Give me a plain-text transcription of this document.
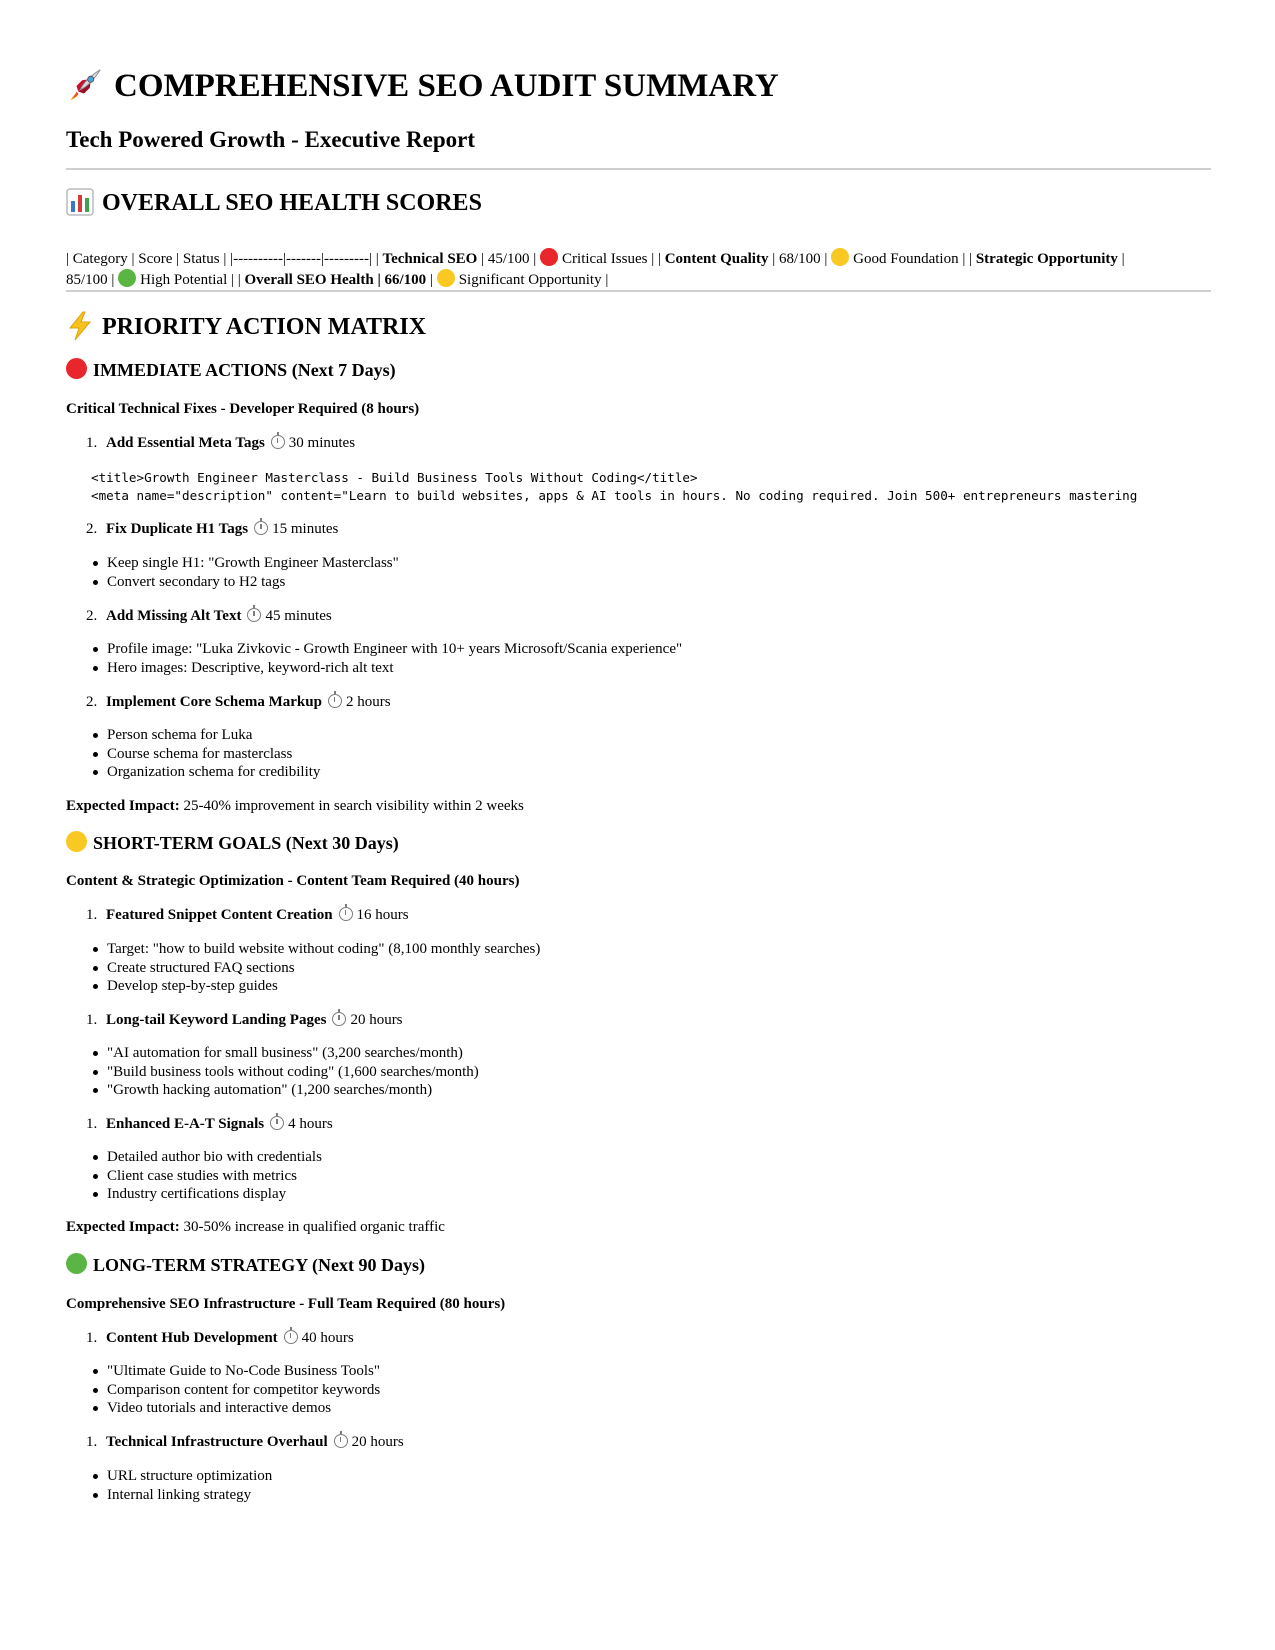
COMPREHENSIVE SEO AUDIT SUMMARY

Tech Powered Growth - Executive Report

OVERALL SEO HEALTH SCORES
| Category | Score | Status | |----------|-------|---------| | Technical SEO | 45/100 | Critical Issues | | Content Quality | 68/100 | Good Foundation | | Strategic Opportunity | 85/100 | High Potential | | Overall SEO Health | 66/100 | Significant Opportunity |
PRIORITY ACTION MATRIX
IMMEDIATE ACTIONS (Next 7 Days)
Critical Technical Fixes - Developer Required (8 hours)
1. Add Essential Meta Tags 30 minutes
<title>Growth Engineer Masterclass - Build Business Tools Without Coding</title>
<meta name="description" content="Learn to build websites, apps & AI tools in hours. No coding required. Join 500+ entrepreneurs mastering
2. Fix Duplicate H1 Tags 15 minutes
Keep single H1: "Growth Engineer Masterclass"
Convert secondary to H2 tags
2. Add Missing Alt Text 45 minutes
Profile image: "Luka Zivkovic - Growth Engineer with 10+ years Microsoft/Scania experience"
Hero images: Descriptive, keyword-rich alt text
2. Implement Core Schema Markup 2 hours
Person schema for Luka
Course schema for masterclass
Organization schema for credibility

Expected Impact: 25-40% improvement in search visibility within 2 weeks

SHORT-TERM GOALS (Next 30 Days)
Content & Strategic Optimization - Content Team Required (40 hours)
1. Featured Snippet Content Creation 16 hours
Target: "how to build website without coding" (8,100 monthly searches)
Create structured FAQ sections
Develop step-by-step guides
1. Long-tail Keyword Landing Pages 20 hours
"AI automation for small business" (3,200 searches/month)
"Build business tools without coding" (1,600 searches/month)
"Growth hacking automation" (1,200 searches/month)
1. Enhanced E-A-T Signals 4 hours
Detailed author bio with credentials
Client case studies with metrics
Industry certifications display

Expected Impact: 30-50% increase in qualified organic traffic

LONG-TERM STRATEGY (Next 90 Days)
Comprehensive SEO Infrastructure - Full Team Required (80 hours)
1. Content Hub Development 40 hours
"Ultimate Guide to No-Code Business Tools"
Comparison content for competitor keywords
Video tutorials and interactive demos
1. Technical Infrastructure Overhaul 20 hours
URL structure optimization
Internal linking strategy
